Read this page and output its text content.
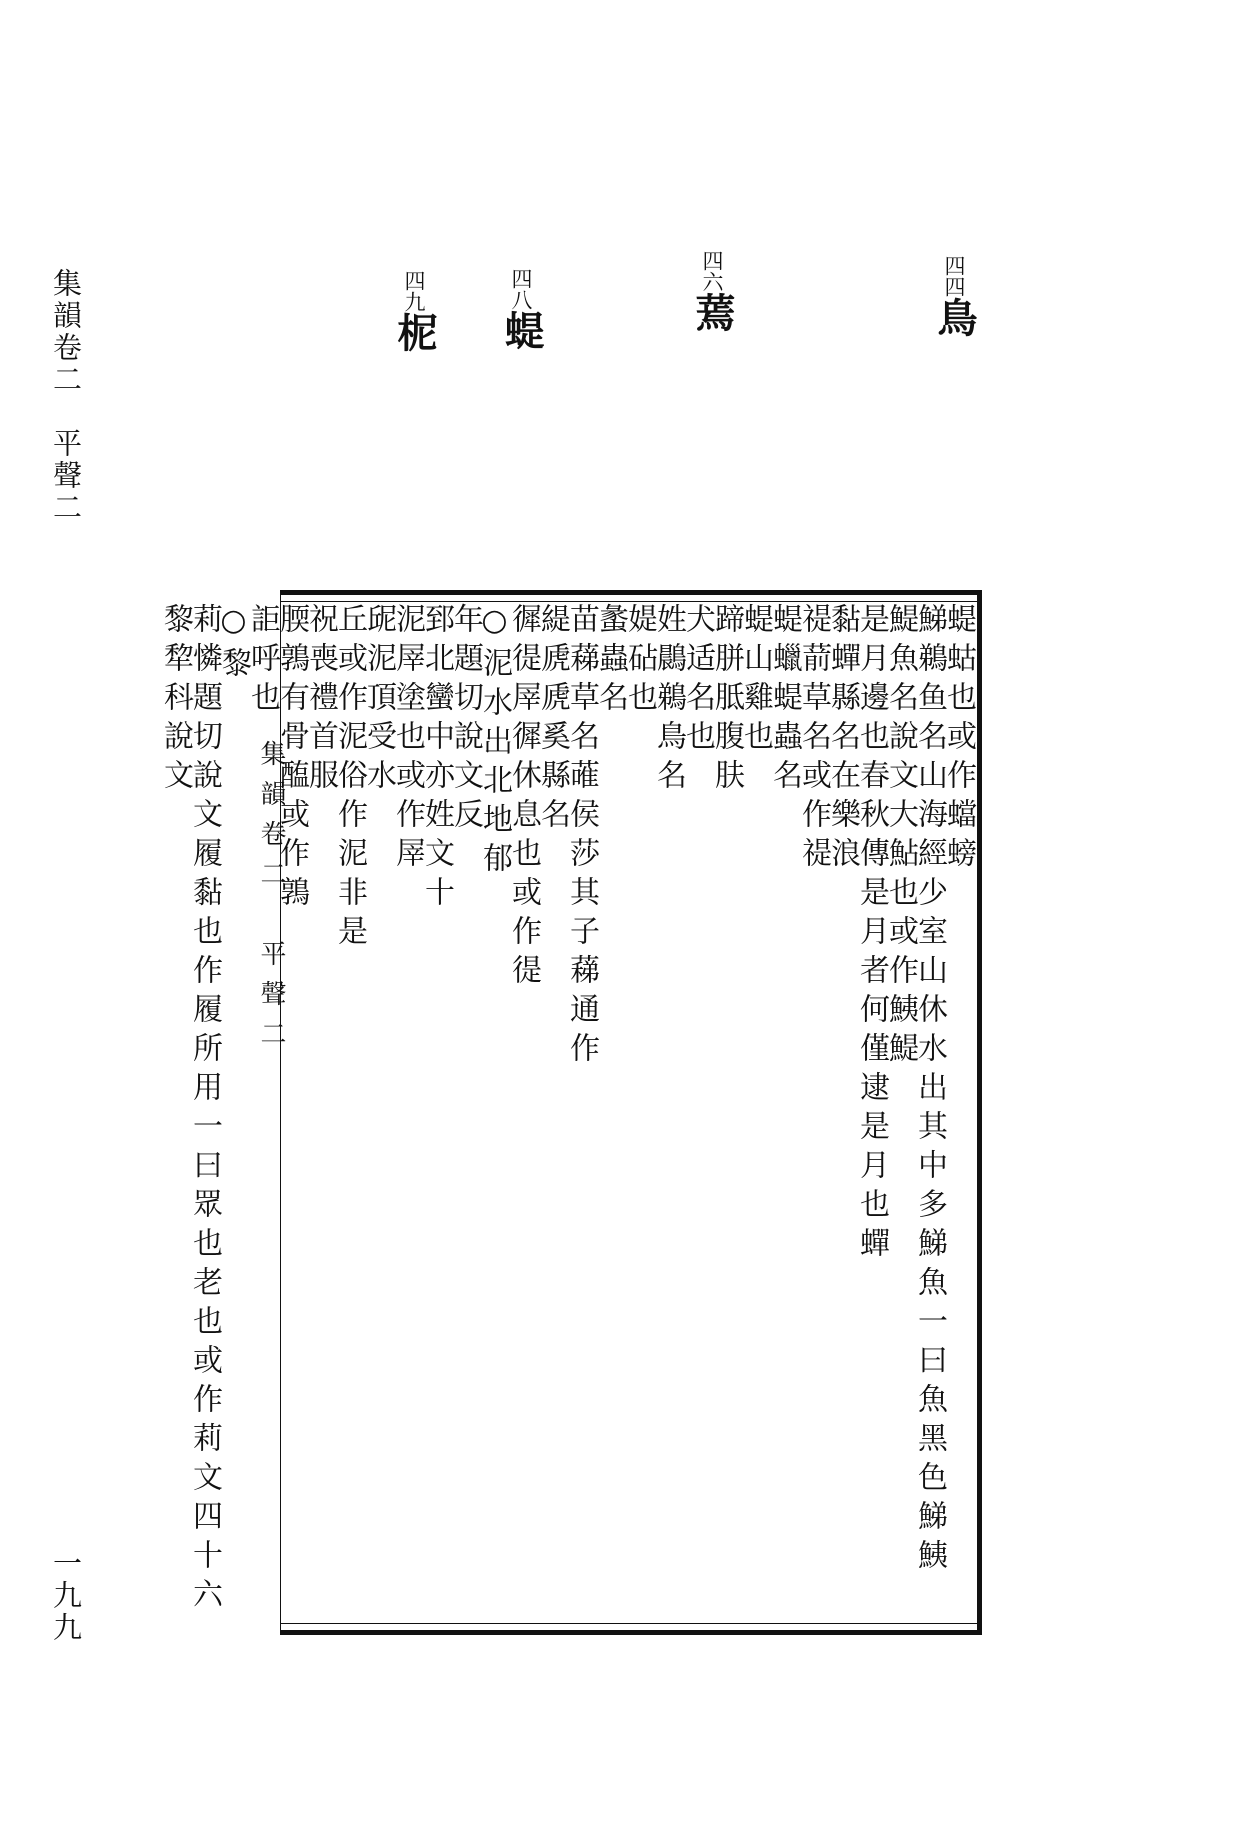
集韻卷二　平聲二
一九九
四四鳥
四六蔫
四八蝭
四九柅
集韻卷二　平聲二
蝭蛄也或作蟷螃
鮷鵜鱼名山海經少室山休水出其中多鮷魚一曰魚黑色鮷鮧
鯷魚名說文大鮎也或作鮧鯷
是月邊也春秋傳是月者何僅逮是月也蟬
黏蟬縣名在樂浪
禔葥草名或作禔
蝭蠟蝭蟲名
蝭山雞也
蹄胼胝腹肤
犬适名也
姓鷐鵜鳥名
媞砧也
䗍蟲名
苗蕛草名蓶侯莎其子蕛通作
緹虒虒奚縣名
徲徥屖徲休息也或作徥
○泥水出北地郁
年題切說文反
郅北蠻中亦姓文十
泥屖塗也或作屖
屔泥頂受水
丘或作泥俗作泥非是
祝喪禮首服
腝鶉有骨醢或作鶉
詎呼也
○黎
莉憐題切說文履黏也作履所用一曰眾也老也或作莉文四十六
黎犂科說文
